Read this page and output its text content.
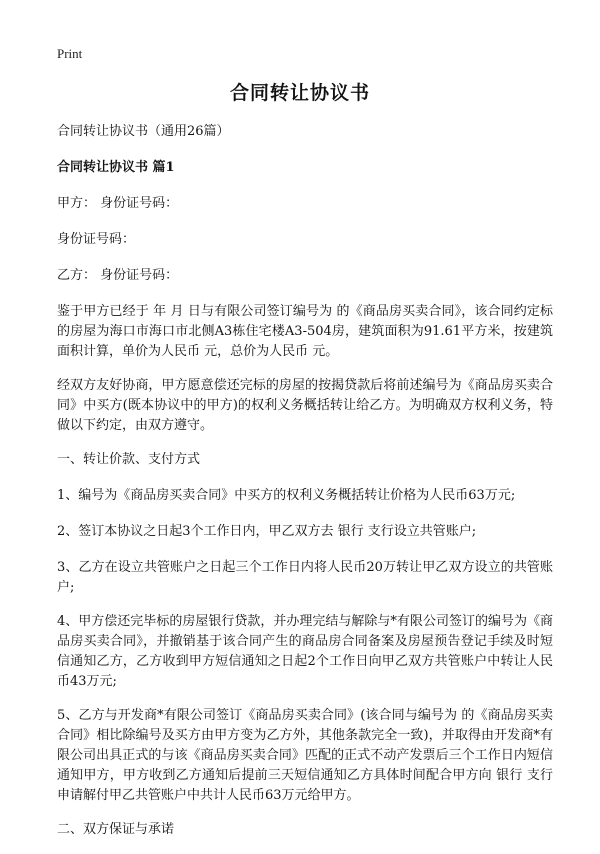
Print
合同转让协议书

合同转让协议书（通用26篇）

合同转让协议书 篇1

甲方： 身份证号码：

身份证号码：

乙方： 身份证号码：

鉴于甲方已经于 年 月 日与有限公司签订编号为 的《商品房买卖合同》，该合同约定标的房屋为海口市海口市北侧A3栋住宅楼A3-504房，建筑面积为91.61平方米，按建筑面积计算，单价为人民币 元，总价为人民币 元。

经双方友好协商，甲方愿意偿还完标的房屋的按揭贷款后将前述编号为《商品房买卖合同》中买方(既本协议中的甲方)的权利义务概括转让给乙方。为明确双方权利义务，特做以下约定，由双方遵守。

一、转让价款、支付方式

1、编号为《商品房买卖合同》中买方的权利义务概括转让价格为人民币63万元;

2、签订本协议之日起3个工作日内，甲乙双方去 银行 支行设立共管账户;

3、乙方在设立共管账户之日起三个工作日内将人民币20万转让甲乙双方设立的共管账户;

4、甲方偿还完毕标的房屋银行贷款，并办理完结与解除与*有限公司签订的编号为《商品房买卖合同》，并撤销基于该合同产生的商品房合同备案及房屋预告登记手续及时短信通知乙方，乙方收到甲方短信通知之日起2个工作日向甲乙双方共管账户中转让人民币43万元;

5、乙方与开发商*有限公司签订《商品房买卖合同》(该合同与编号为 的《商品房买卖合同》相比除编号及买方由甲方变为乙方外，其他条款完全一致)，并取得由开发商*有限公司出具正式的与该《商品房买卖合同》匹配的正式不动产发票后三个工作日内短信通知甲方，甲方收到乙方通知后提前三天短信通知乙方具体时间配合甲方向 银行 支行申请解付甲乙共管账户中共计人民币63万元给甲方。

二、双方保证与承诺
